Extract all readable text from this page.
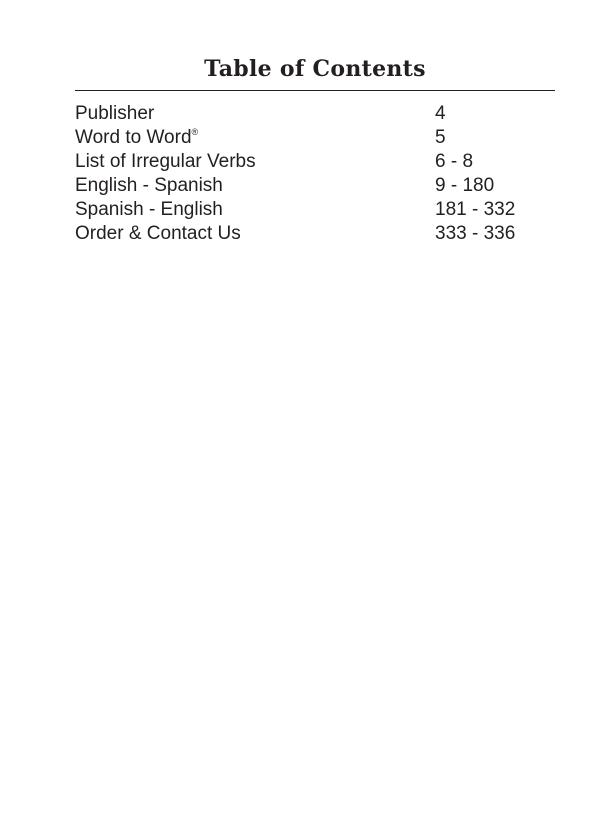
Table of Contents
Publisher	4
Word to Word®	5
List of Irregular Verbs	6 - 8
English - Spanish	9 - 180
Spanish - English	181 - 332
Order & Contact Us	333 - 336
